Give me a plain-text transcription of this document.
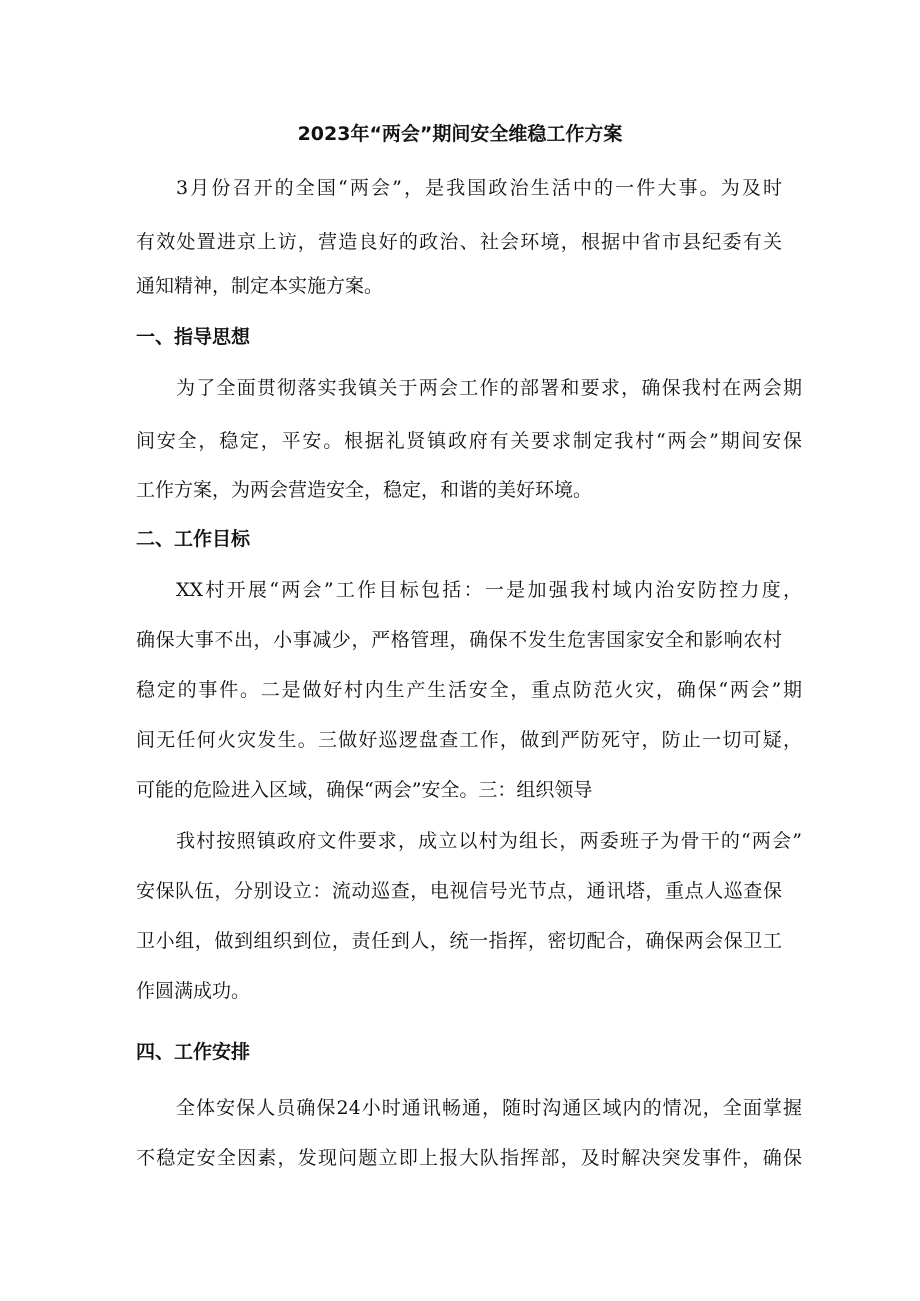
2023年“两会”期间安全维稳工作方案
3月份召开的全国“两会”，是我国政治生活中的一件大事。为及时
有效处置进京上访，营造良好的政治、社会环境，根据中省市县纪委有关
通知精神，制定本实施方案。
一、指导思想
为了全面贯彻落实我镇关于两会工作的部署和要求，确保我村在两会期
间安全，稳定，平安。根据礼贤镇政府有关要求制定我村“两会”期间安保
工作方案，为两会营造安全，稳定，和谐的美好环境。
二、工作目标
XX村开展“两会”工作目标包括：一是加强我村域内治安防控力度，
确保大事不出，小事减少，严格管理，确保不发生危害国家安全和影响农村
稳定的事件。二是做好村内生产生活安全，重点防范火灾，确保“两会”期
间无任何火灾发生。三做好巡逻盘查工作，做到严防死守，防止一切可疑，
可能的危险进入区域，确保“两会”安全。三：组织领导
我村按照镇政府文件要求，成立以村为组长，两委班子为骨干的“两会”
安保队伍，分别设立：流动巡查，电视信号光节点，通讯塔，重点人巡查保
卫小组，做到组织到位，责任到人，统一指挥，密切配合，确保两会保卫工
作圆满成功。
四、工作安排
全体安保人员确保24小时通讯畅通，随时沟通区域内的情况，全面掌握
不稳定安全因素，发现问题立即上报大队指挥部，及时解决突发事件，确保
